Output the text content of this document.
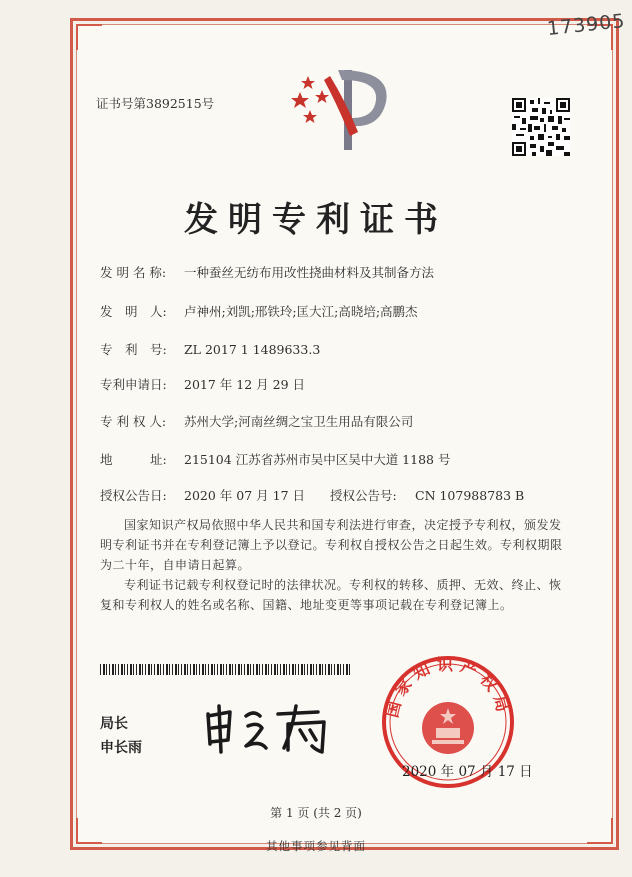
173905
证书号第3892515号
发明专利证书
发 明 名 称: 一种蚕丝无纺布用改性挠曲材料及其制备方法
发　明　人: 卢神州;刘凯;邢铁玲;匡大江;高晓培;高鹏杰
专　利　号: ZL 2017 1 1489633.3
专利申请日: 2017 年 12 月 29 日
专 利 权 人: 苏州大学;河南丝绸之宝卫生用品有限公司
地　　　址: 215104 江苏省苏州市吴中区吴中大道 1188 号
授权公告日: 2020 年 07 月 17 日 授权公告号: CN 107988783 B
国家知识产权局依照中华人民共和国专利法进行审查，决定授予专利权，颁发发明专利证书并在专利登记簿上予以登记。专利权自授权公告之日起生效。专利权期限为二十年，自申请日起算。
专利证书记载专利权登记时的法律状况。专利权的转移、质押、无效、终止、恢复和专利权人的姓名或名称、国籍、地址变更等事项记载在专利登记簿上。
局长
申长雨
国家知识产权局
2020 年 07 月 17 日
第 1 页 (共 2 页)
其他事项参见背面
